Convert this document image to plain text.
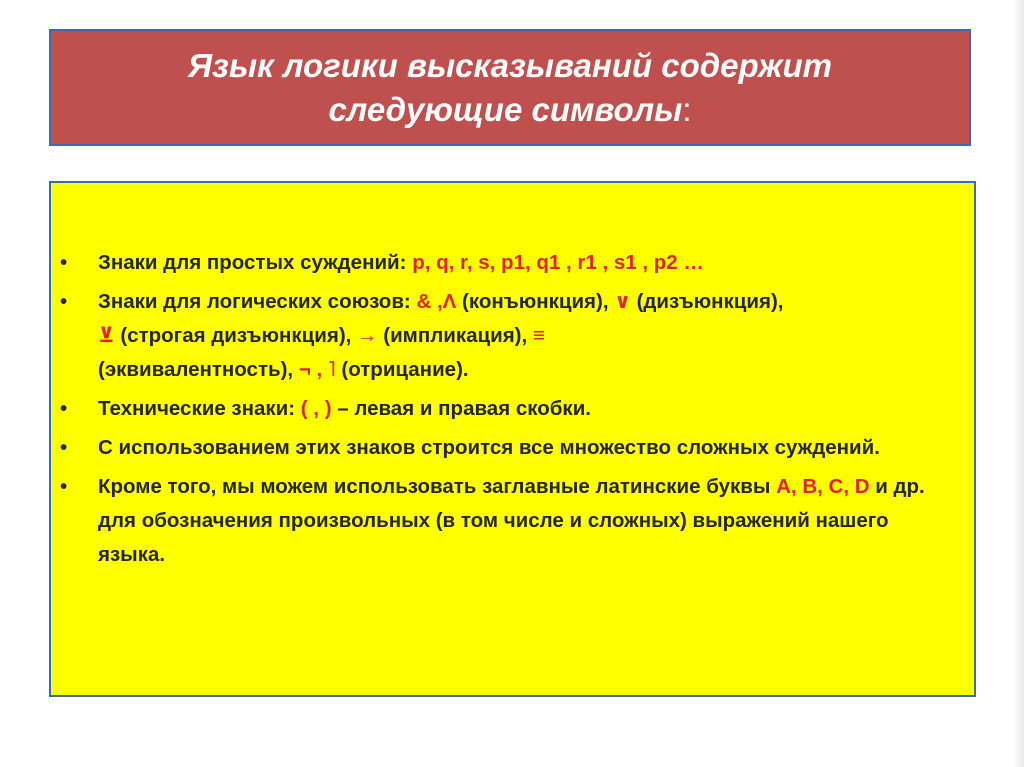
Язык логики высказываний содержит
следующие символы:
• Знаки для простых суждений: p, q, r, s, p1, q1 , r1 , s1 , p2 …
• Знаки для логических союзов: & ,Λ (конъюнкция), ∨ (дизъюнкция),
⊻ (строгая дизъюнкция), → (импликация), ≡
(эквивалентность), ¬ , ˥ (отрицание).
• Технические знаки: ( , ) – левая и правая скобки.
• С использованием этих знаков строится все множество сложных суждений.
• Кроме того, мы можем использовать заглавные латинские буквы A, B, C, D и др. для обозначения произвольных (в том числе и сложных) выражений нашего языка.
